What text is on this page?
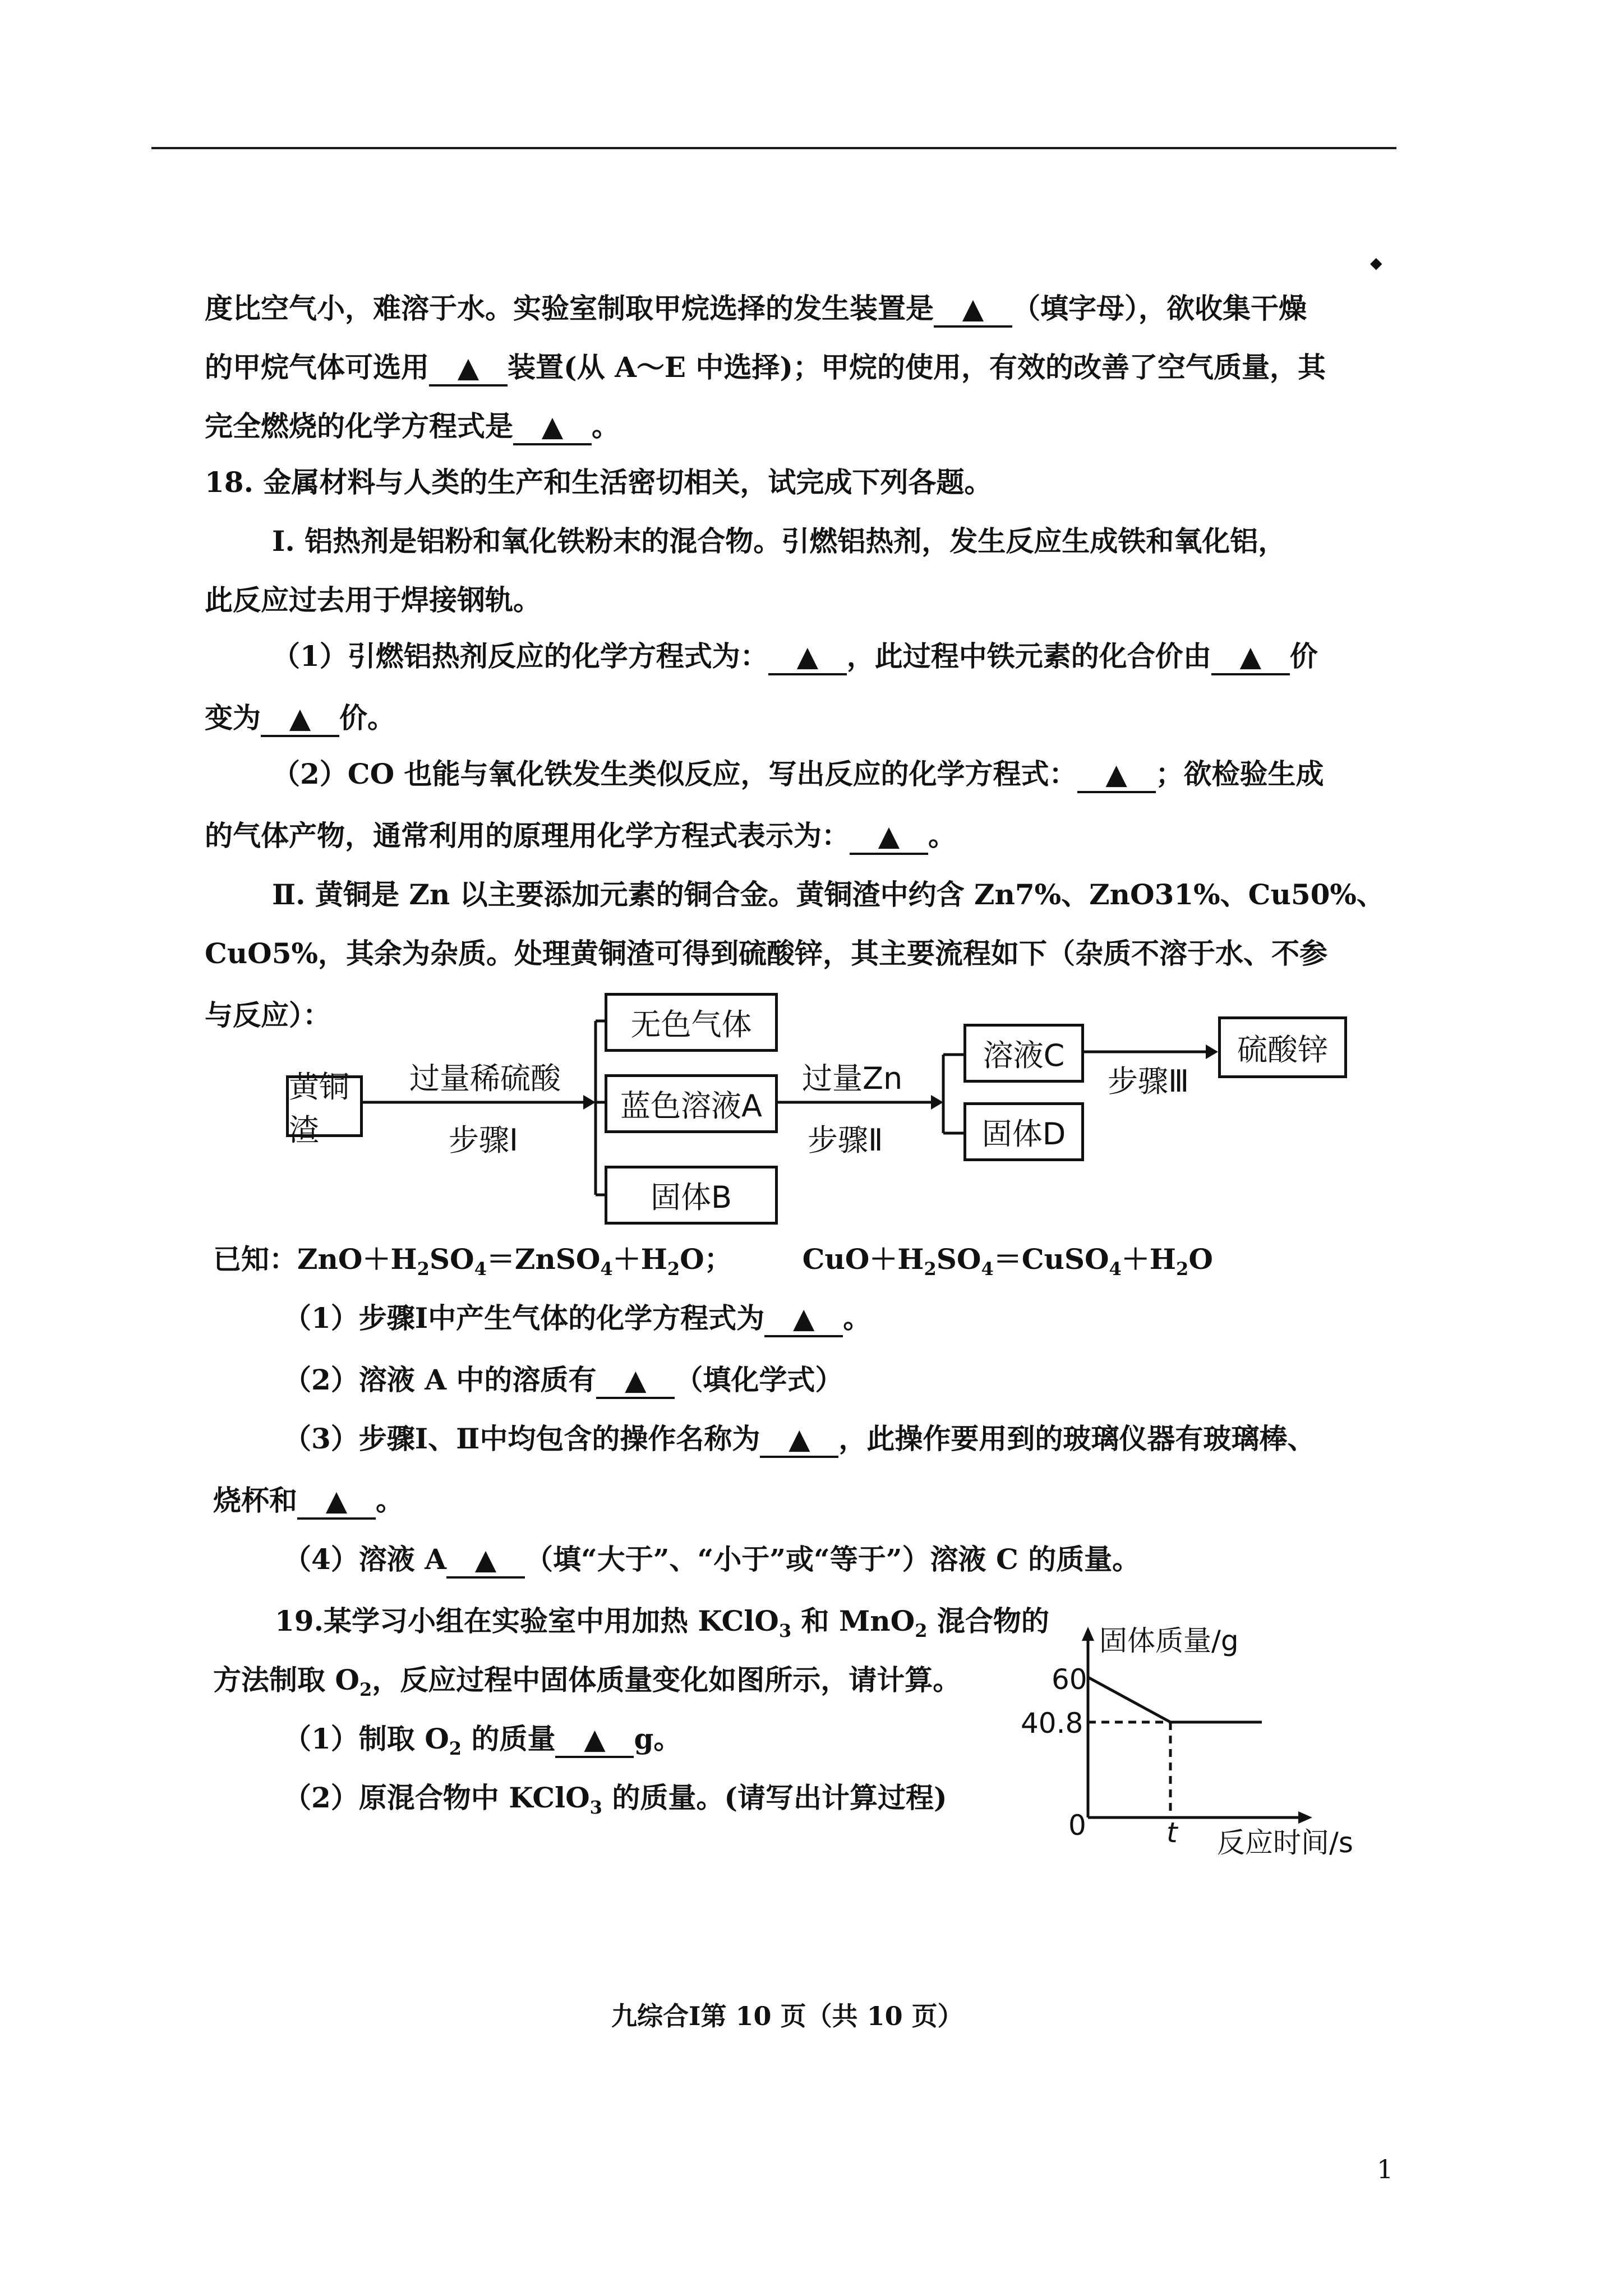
◆
度比空气小，难溶于水。实验室制取甲烷选择的发生装置是 ▲ （填字母），欲收集干燥
的甲烷气体可选用 ▲ 装置(从 A～E 中选择)；甲烷的使用，有效的改善了空气质量，其
完全燃烧的化学方程式是 ▲ 。
18. 金属材料与人类的生产和生活密切相关，试完成下列各题。
Ⅰ. 铝热剂是铝粉和氧化铁粉末的混合物。引燃铝热剂，发生反应生成铁和氧化铝，
此反应过去用于焊接钢轨。
（1）引燃铝热剂反应的化学方程式为： ▲ ，此过程中铁元素的化合价由 ▲ 价
变为 ▲ 价。
（2）CO 也能与氧化铁发生类似反应，写出反应的化学方程式： ▲ ；欲检验生成
的气体产物，通常利用的原理用化学方程式表示为： ▲ 。
Ⅱ. 黄铜是 Zn 以主要添加元素的铜合金。黄铜渣中约含 Zn7%、ZnO31%、Cu50%、
CuO5%，其余为杂质。处理黄铜渣可得到硫酸锌，其主要流程如下（杂质不溶于水、不参
与反应）：
黄铜渣
过量稀硫酸
步骤Ⅰ
无色气体
蓝色溶液A
固体B
过量Zn
步骤Ⅱ
溶液C
固体D
步骤Ⅲ
硫酸锌
已知：$ZnO+H_2SO_4=ZnSO_4+H_2O$； $CuO+H_2SO_4=CuSO_4+H_2O$
（1）步骤Ⅰ中产生气体的化学方程式为 ▲ 。
（2）溶液 A 中的溶质有 ▲ （填化学式）
（3）步骤Ⅰ、Ⅱ中均包含的操作名称为 ▲ ，此操作要用到的玻璃仪器有玻璃棒、
烧杯和 ▲ 。
（4）溶液 A ▲ （填“大于”、“小于”或“等于”）溶液 C 的质量。
19.某学习小组在实验室中用加热 KClO$_3$ 和 MnO$_2$ 混合物的
方法制取 $O_2$，反应过程中固体质量变化如图所示，请计算。
（1）制取 $O_2$ 的质量 ▲ g。
（2）原混合物中 KClO$_3$ 的质量。(请写出计算过程)
固体质量/g
60
40.8
0	t 反应时间/s
九综合Ⅰ第 10 页（共 10 页）
1
